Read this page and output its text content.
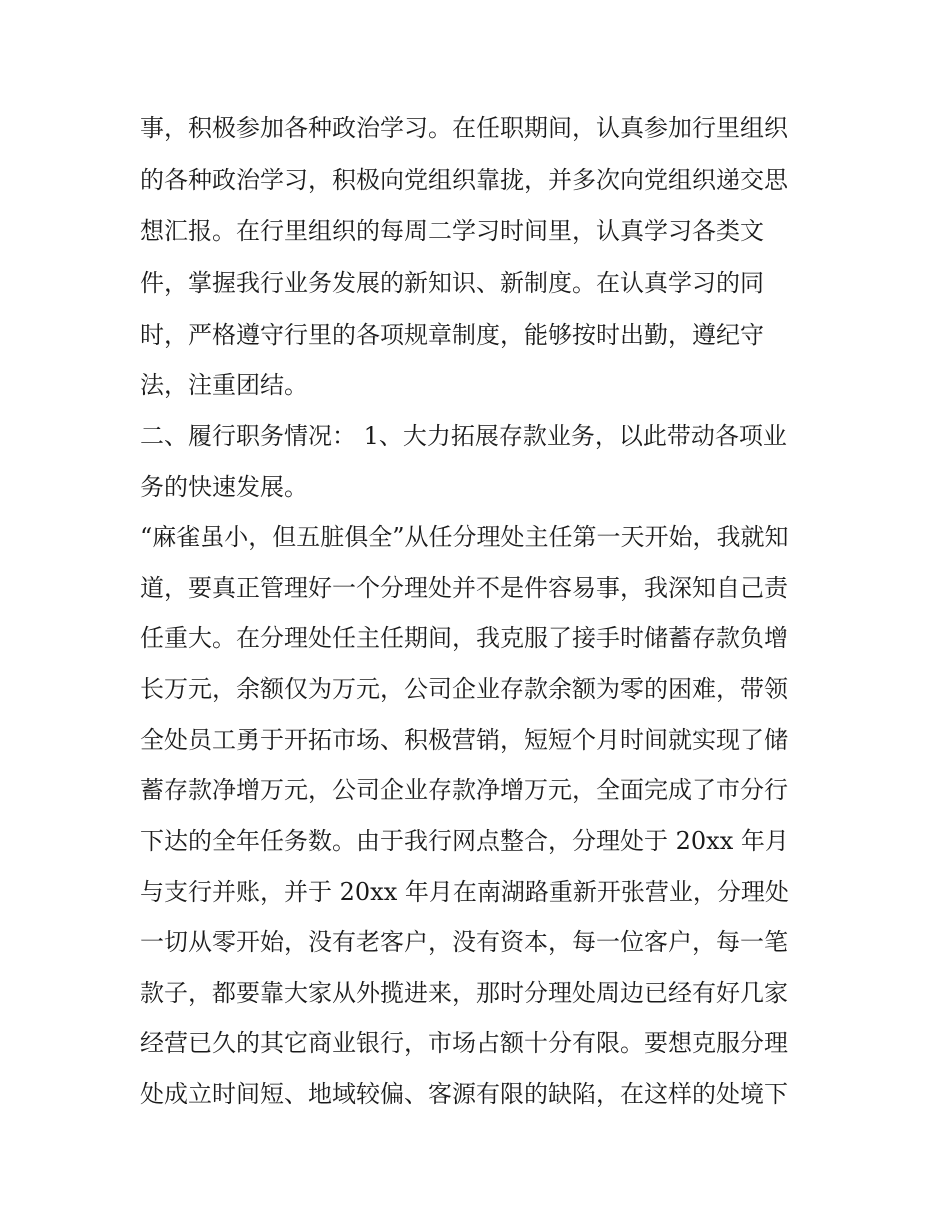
事，积极参加各种政治学习。在任职期间，认真参加行里组织
的各种政治学习，积极向党组织靠拢，并多次向党组织递交思
想汇报。在行里组织的每周二学习时间里，认真学习各类文
件，掌握我行业务发展的新知识、新制度。在认真学习的同
时，严格遵守行里的各项规章制度，能够按时出勤，遵纪守
法，注重团结。
二、履行职务情况： 1、大力拓展存款业务，以此带动各项业
务的快速发展。
“麻雀虽小，但五脏俱全”从任分理处主任第一天开始，我就知
道，要真正管理好一个分理处并不是件容易事，我深知自己责
任重大。在分理处任主任期间，我克服了接手时储蓄存款负增
长万元，余额仅为万元，公司企业存款余额为零的困难，带领
全处员工勇于开拓市场、积极营销，短短个月时间就实现了储
蓄存款净增万元，公司企业存款净增万元，全面完成了市分行
下达的全年任务数。由于我行网点整合，分理处于 20xx 年月
与支行并账，并于 20xx 年月在南湖路重新开张营业，分理处
一切从零开始，没有老客户，没有资本，每一位客户，每一笔
款子，都要靠大家从外揽进来，那时分理处周边已经有好几家
经营已久的其它商业银行，市场占额十分有限。要想克服分理
处成立时间短、地域较偏、客源有限的缺陷，在这样的处境下
